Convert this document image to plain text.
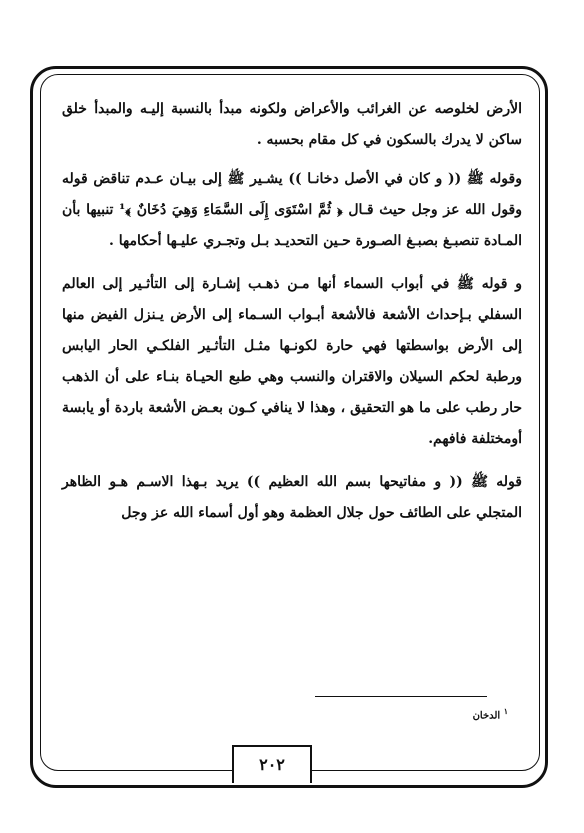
الأرض لخلوصه عن الغرائب والأعراض ولكونه مبدأ بالنسبة إليـه والمبدأ خلق ساكن لا يدرك بالسكون في كل مقام بحسبه .

وقوله ﷺ (( و كان في الأصل دخانـا )) يشـير ﷺ إلى بيـان عـدم تناقض قوله وقول الله عز وجل حيث قـال ﴿ ثُمَّ اسْتَوَى إِلَى السَّمَاءِ وَهِيَ دُخَانٌ ﴾¹ تنبيها بأن المـادة تنصبـغ بصبـغ الصـورة حـين التحديـد بـل وتجـري عليـها أحكامها .

و قوله ﷺ في أبواب السماء أنها مـن ذهـب إشـارة إلى التأثـير إلى العالم السفلي بـإحداث الأشعة فالأشعة أبـواب السـماء إلى الأرض يـنزل الفيض منها إلى الأرض بواسطتها فهي حارة لكونـها مثـل التأثـير الفلكـي الحار اليابس ورطبة لحكم السيلان والاقتران والنسب وهي طبع الحيـاة بنـاء على أن الذهب حار رطب على ما هو التحقيق ، وهذا لا ينافي كـون بعـض الأشعة باردة أو يابسة أومختلفة فافهم.

قوله ﷺ (( و مفاتيحها بسم الله العظيم )) يريد بـهذا الاسـم هـو الظاهر المتجلي على الطائف حول جلال العظمة وهو أول أسماء الله عز وجل

$^١$ الدخان
٢٠٢
